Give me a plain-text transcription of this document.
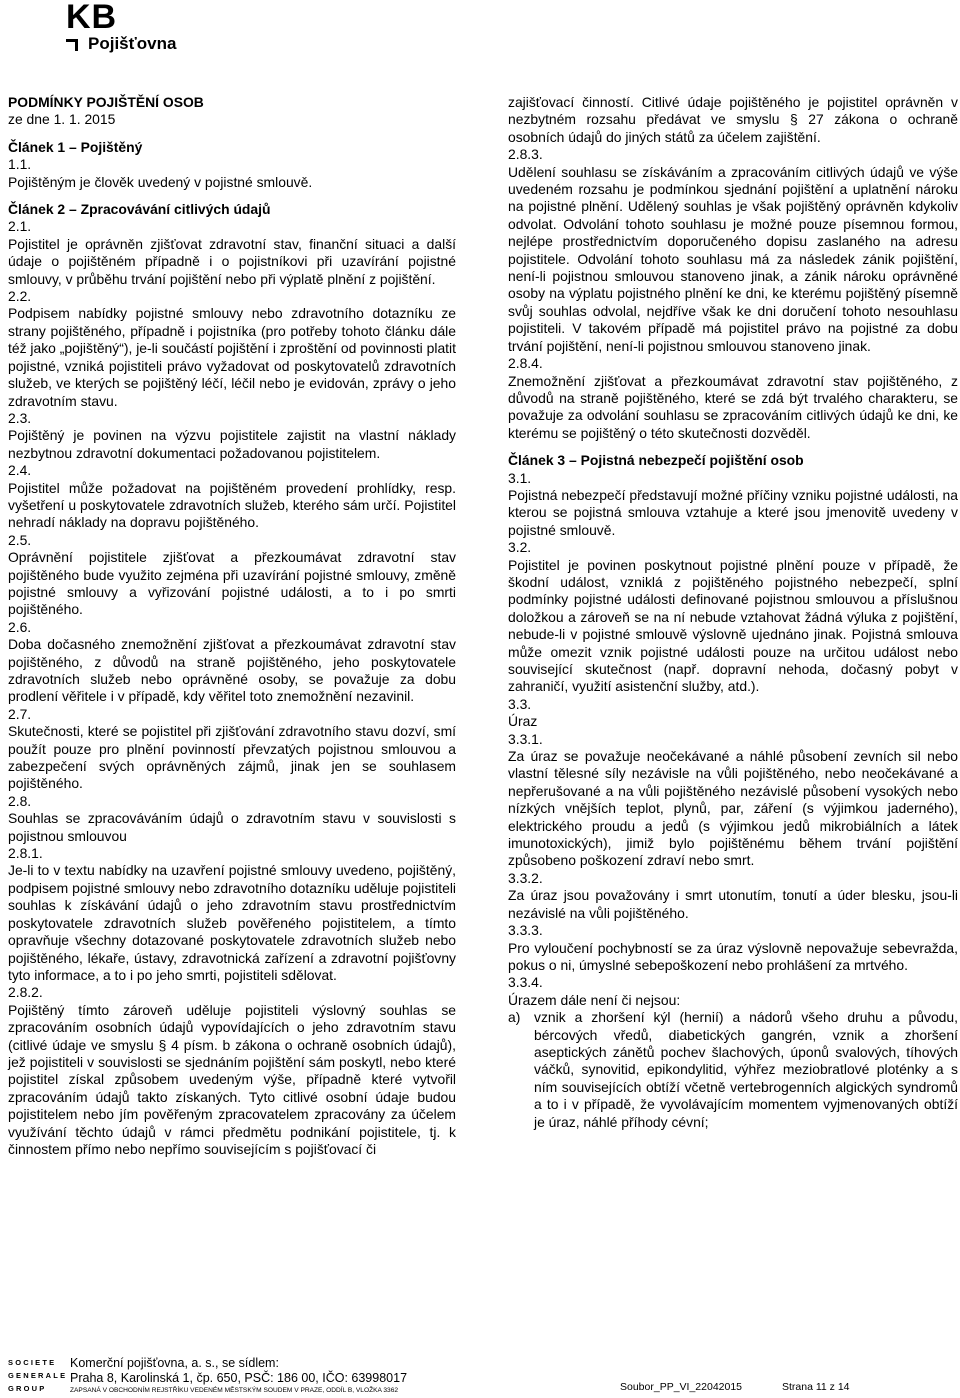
KB
Pojišťovna

PODMÍNKY POJIŠTĚNÍ OSOB

ze dne 1. 1. 2015

Článek 1 – Pojištěný

1.1.

Pojištěným je člověk uvedený v pojistné smlouvě.

Článek 2 – Zpracovávání citlivých údajů

2.1.

Pojistitel je oprávněn zjišťovat zdravotní stav, finanční situaci a další údaje o pojištěném případně i o pojistníkovi při uzavírání pojistné smlouvy, v průběhu trvání pojištění nebo při výplatě plnění z pojištění.

2.2.

Podpisem nabídky pojistné smlouvy nebo zdravotního dotazníku ze strany pojištěného, případně i pojistníka (pro potřeby tohoto článku dále též jako „pojištěný“), je-li součástí pojištění i zproštění od povinnosti platit pojistné, vzniká pojistiteli právo vyžadovat od poskytovatelů zdravotních služeb, ve kterých se pojištěný léčí, léčil nebo je evidován, zprávy o jeho zdravotním stavu.

2.3.

Pojištěný je povinen na výzvu pojistitele zajistit na vlastní náklady nezbytnou zdravotní dokumentaci požadovanou pojistitelem.

2.4.

Pojistitel může požadovat na pojištěném provedení prohlídky, resp. vyšetření u poskytovatele zdravotních služeb, kterého sám určí. Pojistitel nehradí náklady na dopravu pojištěného.

2.5.

Oprávnění pojistitele zjišťovat a přezkoumávat zdravotní stav pojištěného bude využito zejména při uzavírání pojistné smlouvy, změně pojistné smlouvy a vyřizování pojistné události, a to i po smrti pojištěného.

2.6.

Doba dočasného znemožnění zjišťovat a přezkoumávat zdravotní stav pojištěného, z důvodů na straně pojištěného, jeho poskytovatele zdravotních služeb nebo oprávněné osoby, se považuje za dobu prodlení věřitele i v případě, kdy věřitel toto znemožnění nezavinil.

2.7.

Skutečnosti, které se pojistitel při zjišťování zdravotního stavu dozví, smí použít pouze pro plnění povinností převzatých pojistnou smlouvou a zabezpečení svých oprávněných zájmů, jinak jen se souhlasem pojištěného.

2.8.

Souhlas se zpracováváním údajů o zdravotním stavu v souvislosti s pojistnou smlouvou

2.8.1.

Je-li to v textu nabídky na uzavření pojistné smlouvy uvedeno, pojištěný, podpisem pojistné smlouvy nebo zdravotního dotazníku uděluje pojistiteli souhlas k získávání údajů o jeho zdravotním stavu prostřednictvím poskytovatele zdravotních služeb pověřeného pojistitelem, a tímto opravňuje všechny dotazované poskytovatele zdravotních služeb nebo pojištěného, lékaře, ústavy, zdravotnická zařízení a zdravotní pojišťovny tyto informace, a to i po jeho smrti, pojistiteli sdělovat.

2.8.2.

Pojištěný tímto zároveň uděluje pojistiteli výslovný souhlas se zpracováním osobních údajů vypovídajících o jeho zdravotním stavu (citlivé údaje ve smyslu § 4 písm. b zákona o ochraně osobních údajů), jež pojistiteli v souvislosti se sjednáním pojištění sám poskytl, nebo které pojistitel získal způsobem uvedeným výše, případně které vytvořil zpracováním údajů takto získaných. Tyto citlivé osobní údaje budou pojistitelem nebo jím pověřeným zpracovatelem zpracovány za účelem využívání těchto údajů v rámci předmětu podnikání pojistitele, tj. k činnostem přímo nebo nepřímo souvisejícím s pojišťovací či

zajišťovací činností. Citlivé údaje pojištěného je pojistitel oprávněn v nezbytném rozsahu předávat ve smyslu § 27 zákona o ochraně osobních údajů do jiných států za účelem zajištění.

2.8.3.

Udělení souhlasu se získáváním a zpracováním citlivých údajů ve výše uvedeném rozsahu je podmínkou sjednání pojištění a uplatnění nároku na pojistné plnění. Udělený souhlas je však pojištěný oprávněn kdykoliv odvolat. Odvolání tohoto souhlasu je možné pouze písemnou formou, nejlépe prostřednictvím doporučeného dopisu zaslaného na adresu pojistitele. Odvolání tohoto souhlasu má za následek zánik pojištění, není-li pojistnou smlouvou stanoveno jinak, a zánik nároku oprávněné osoby na výplatu pojistného plnění ke dni, ke kterému pojištěný písemně svůj souhlas odvolal, nejdříve však ke dni doručení tohoto nesouhlasu pojistiteli. V takovém případě má pojistitel právo na pojistné za dobu trvání pojištění, není-li pojistnou smlouvou stanoveno jinak.

2.8.4.

Znemožnění zjišťovat a přezkoumávat zdravotní stav pojištěného, z důvodů na straně pojištěného, které se zdá být trvalého charakteru, se považuje za odvolání souhlasu se zpracováním citlivých údajů ke dni, ke kterému se pojištěný o této skutečnosti dozvěděl.

Článek 3 – Pojistná nebezpečí pojištění osob

3.1.

Pojistná nebezpečí představují možné příčiny vzniku pojistné události, na kterou se pojistná smlouva vztahuje a které jsou jmenovitě uvedeny v pojistné smlouvě.

3.2.

Pojistitel je povinen poskytnout pojistné plnění pouze v případě, že škodní událost, vzniklá z pojištěného pojistného nebezpečí, splní podmínky pojistné události definované pojistnou smlouvou a příslušnou doložkou a zároveň se na ní nebude vztahovat žádná výluka z pojištění, nebude-li v pojistné smlouvě výslovně ujednáno jinak. Pojistná smlouva může omezit vznik pojistné události pouze na určitou událost nebo související skutečnost (např. dopravní nehoda, dočasný pobyt v zahraničí, využití asistenční služby, atd.).

3.3.

Úraz

3.3.1.

Za úraz se považuje neočekávané a náhlé působení zevních sil nebo vlastní tělesné síly nezávisle na vůli pojištěného, nebo neočekávané a nepřerušované a na vůli pojištěného nezávislé působení vysokých nebo nízkých vnějších teplot, plynů, par, záření (s výjimkou jaderného), elektrického proudu a jedů (s výjimkou jedů mikrobiálních a látek imunotoxických), jimiž bylo pojištěnému během trvání pojištění způsobeno poškození zdraví nebo smrt.

3.3.2.

Za úraz jsou považovány i smrt utonutím, tonutí a úder blesku, jsou-li nezávislé na vůli pojištěného.

3.3.3.

Pro vyloučení pochybností se za úraz výslovně nepovažuje sebevražda, pokus o ni, úmyslné sebepoškození nebo prohlášení za mrtvého.

3.3.4.

Úrazem dále není či nejsou:

a) vznik a zhoršení kýl (hernií) a nádorů všeho druhu a původu, bércových vředů, diabetických gangrén, vznik a zhoršení aseptických zánětů pochev šlachových, úponů svalových, tíhových váčků, synovitid, epikondylitid, výhřez meziobratlové ploténky a s ním souvisejících obtíží včetně vertebrogenních algických syndromů a to i v případě, že vyvolávajícím momentem vyjmenovaných obtíží je úraz, náhlé příhody cévní;
SOCIETE
GENERALE
GROUP
Komerční pojišťovna, a. s., se sídlem:
Praha 8, Karolinská 1, čp. 650, PSČ: 186 00, IČO: 63998017
ZAPSANÁ V OBCHODNÍM REJSTŘÍKU VEDENÉM MĚSTSKÝM SOUDEM V PRAZE, ODDÍL B, VLOŽKA 3362	Soubor_PP_VI_22042015	Strana 11 z 14
